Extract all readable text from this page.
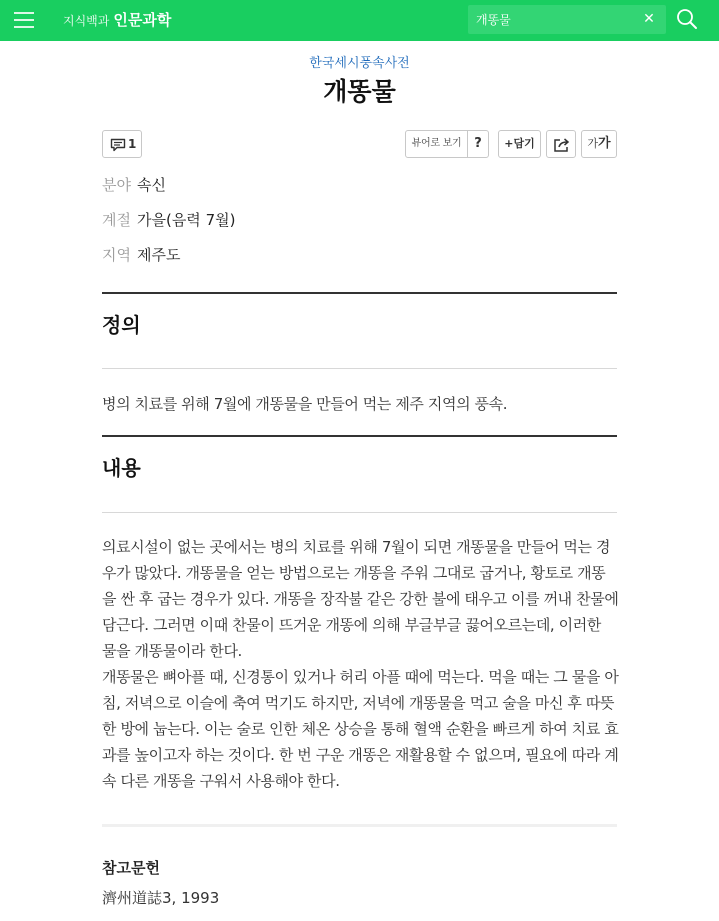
지식백과 인문과학
개똥물	✕
한국세시풍속사전
개똥물
1	뷰어로 보기 ?	+담기	가가
분야 속신
계절 가을(음력 7월)
지역 제주도
정의
병의 치료를 위해 7월에 개똥물을 만들어 먹는 제주 지역의 풍속.
내용
의료시설이 없는 곳에서는 병의 치료를 위해 7월이 되면 개똥물을 만들어 먹는 경우가 많았다. 개똥물을 얻는 방법으로는 개똥을 주워 그대로 굽거나, 황토로 개똥을 싼 후 굽는 경우가 있다. 개똥을 장작불 같은 강한 불에 태우고 이를 꺼내 찬물에 담근다. 그러면 이때 찬물이 뜨거운 개똥에 의해 부글부글 끓어오르는데, 이러한 물을 개똥물이라 한다.
개똥물은 뼈아플 때, 신경통이 있거나 허리 아플 때에 먹는다. 먹을 때는 그 물을 아침, 저녁으로 이슬에 축여 먹기도 하지만, 저녁에 개똥물을 먹고 술을 마신 후 따뜻한 방에 눕는다. 이는 술로 인한 체온 상승을 통해 혈액 순환을 빠르게 하여 치료 효과를 높이고자 하는 것이다. 한 번 구운 개똥은 재활용할 수 없으며, 필요에 따라 계속 다른 개똥을 구워서 사용해야 한다.
참고문헌
濟州道誌3, 1993
